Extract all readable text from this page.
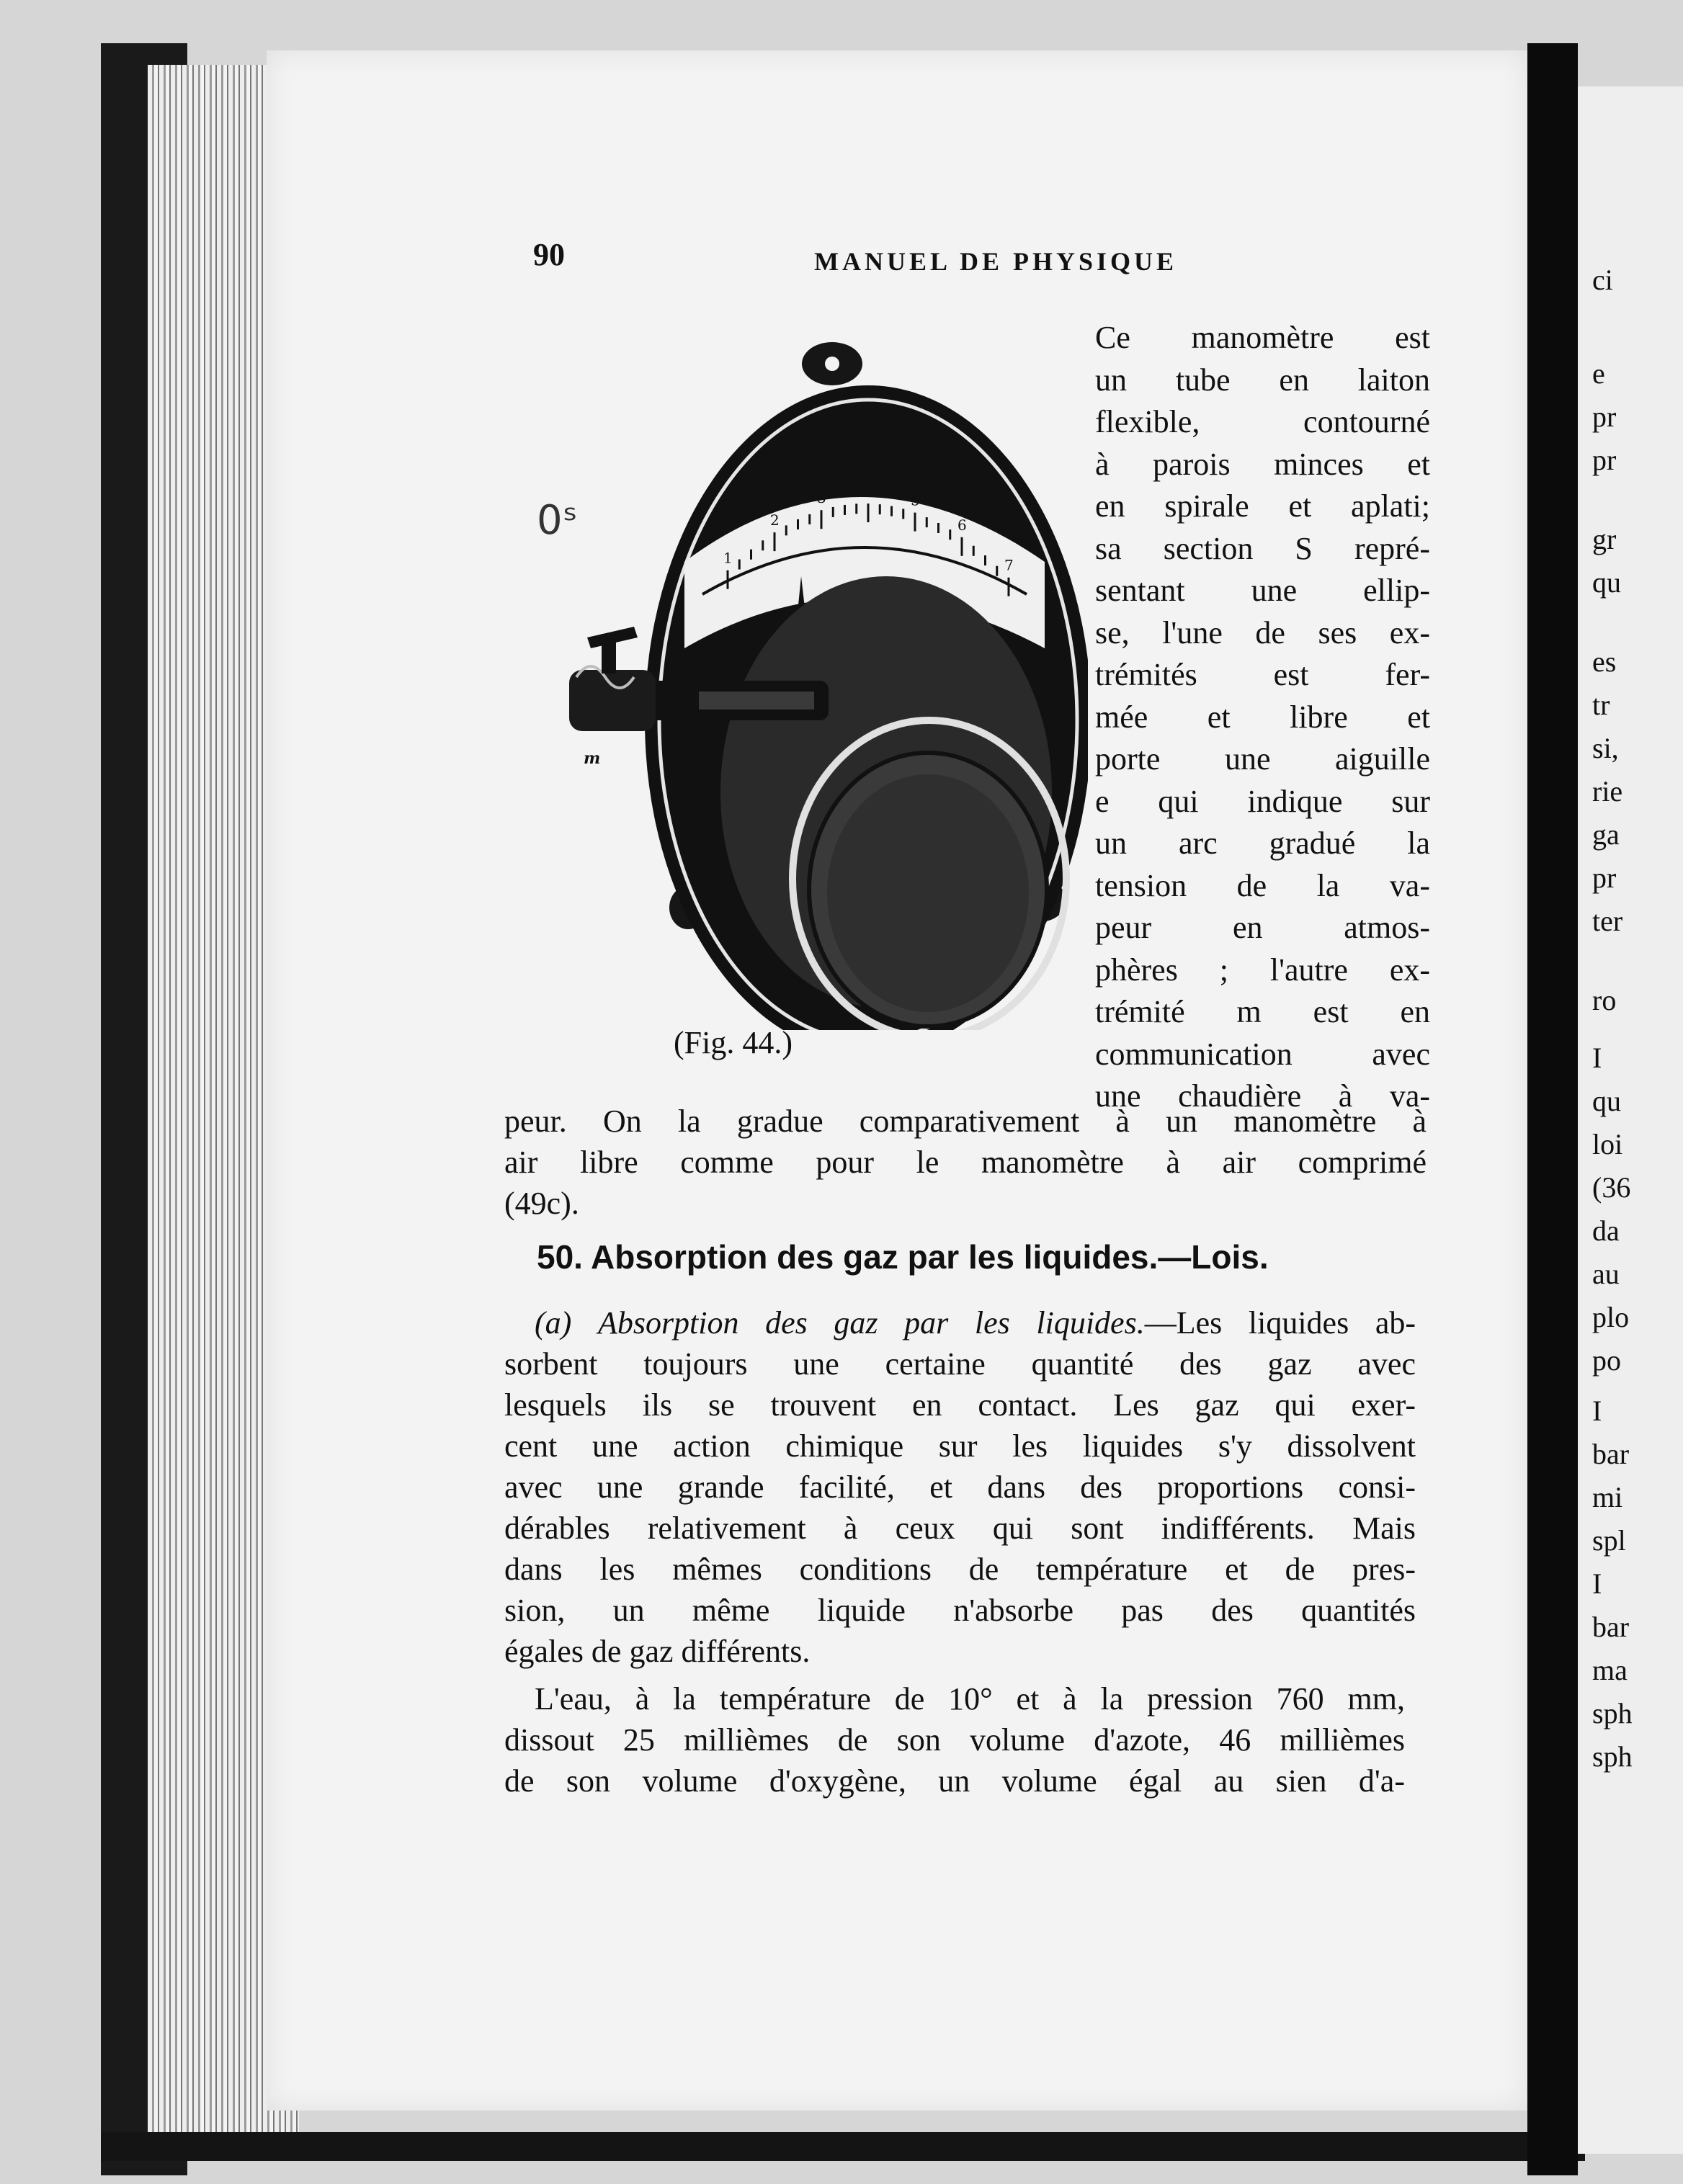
ci
e
pr
pr
gr
qu
es
tr
si,
rie
ga
pr
ter
ro
I
qu
loi
(36
da
au
plo
po
I
bar
mi
spl
I
bar
ma
sph
sph
90	MANUEL DE PHYSIQUE
0ˢ
1
2
3	4
5
6
7
m
(Fig. 44.)
Ce manomètre est
un tube en laiton
flexible, contourné
à parois minces et
en spirale et aplati;
sa section S repré-
sentant une ellip-
se, l'une de ses ex-
trémités est fer-
mée et libre et
porte une aiguille
e qui indique sur
un arc gradué la
tension de la va-
peur en atmos-
phères ; l'autre ex-
trémité m est en
communication avec
une chaudière à va-
peur. On la gradue comparativement à un manomètre à
air libre comme pour le manomètre à air comprimé
(49c).
50. Absorption des gaz par les liquides.—Lois.
(a) Absorption des gaz par les liquides.—Les liquides ab-
sorbent toujours une certaine quantité des gaz avec
lesquels ils se trouvent en contact. Les gaz qui exer-
cent une action chimique sur les liquides s'y dissolvent
avec une grande facilité, et dans des proportions consi-
dérables relativement à ceux qui sont indifférents. Mais
dans les mêmes conditions de température et de pres-
sion, un même liquide n'absorbe pas des quantités
égales de gaz différents.
L'eau, à la température de 10° et à la pression 760 mm,
dissout 25 millièmes de son volume d'azote, 46 millièmes
de son volume d'oxygène, un volume égal au sien d'a-
